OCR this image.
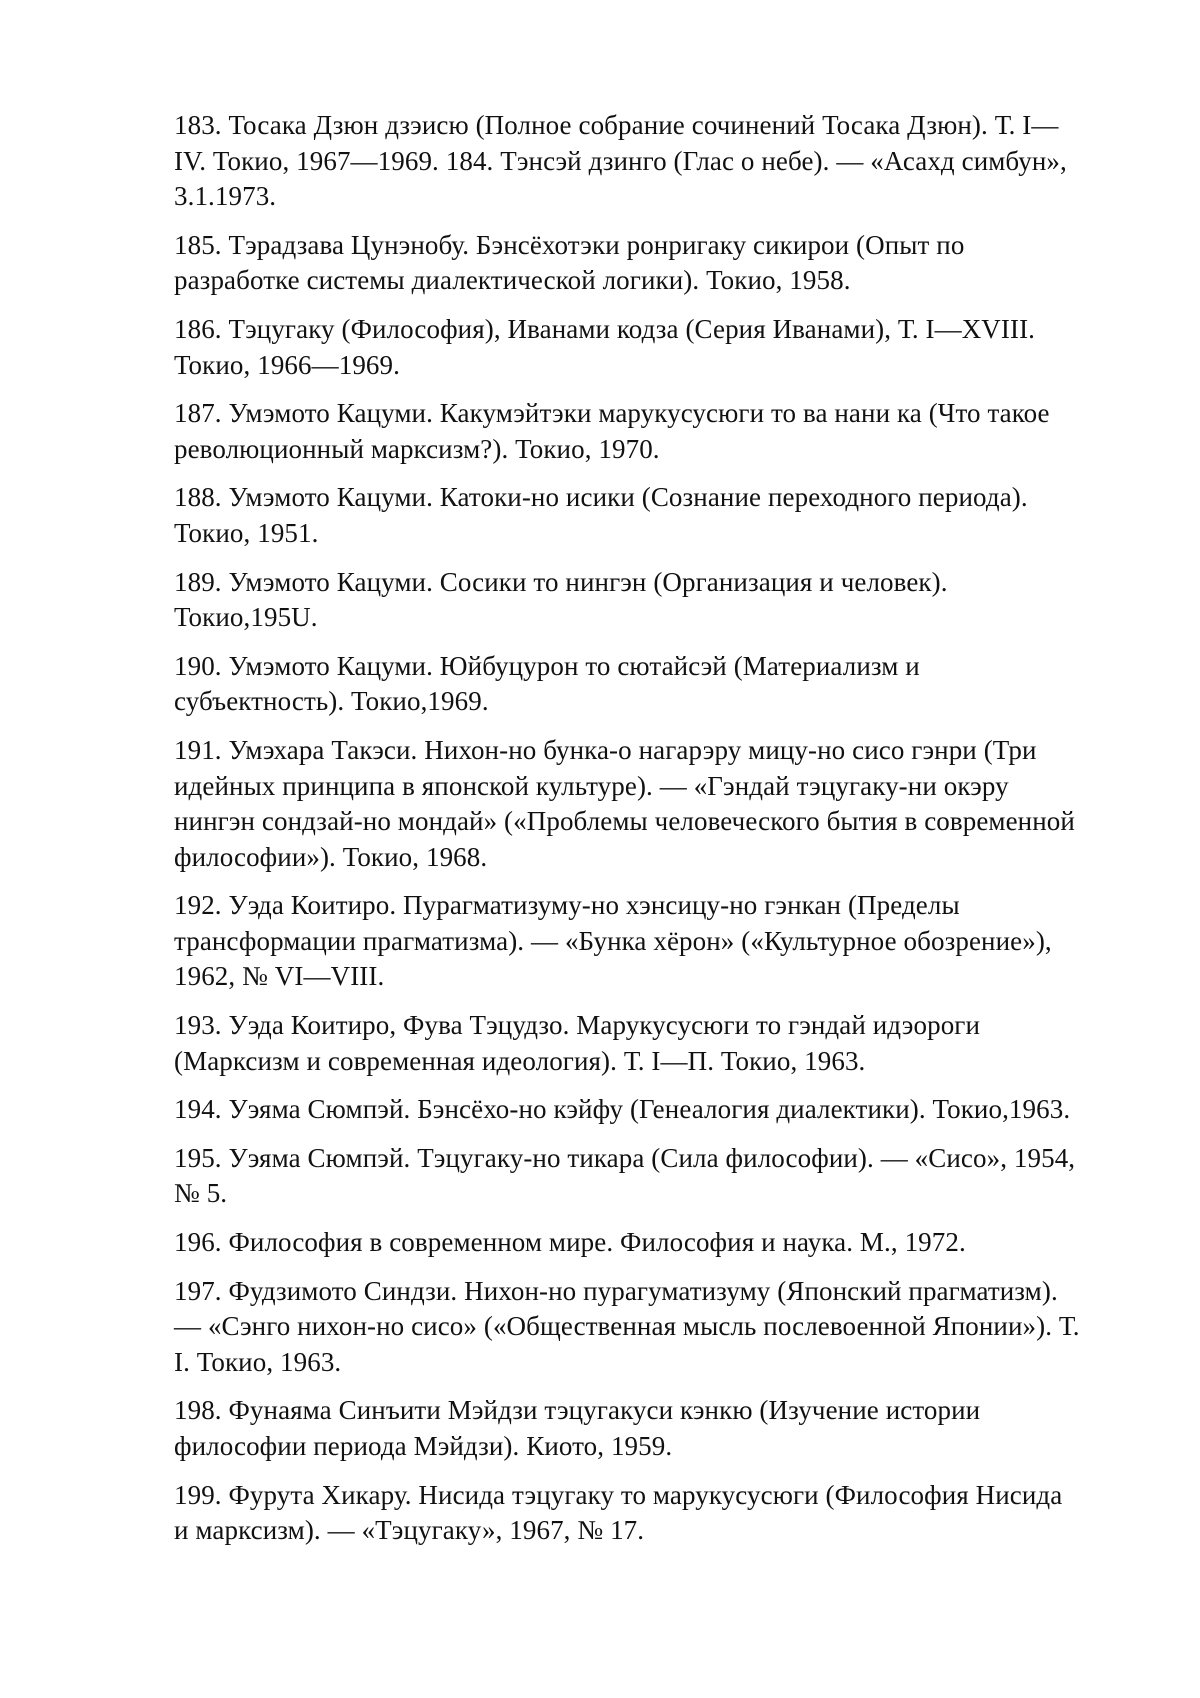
183. Тосака Дзюн дзэисю (Полное собрание сочинений Тосака Дзюн). Т. I—
IV. Токио, 1967—1969. 184. Тэнсэй дзинго (Глас о небе). — «Асахд симбун»,
3.1.1973.

185. Тэрадзава Цунэнобу. Бэнсёхотэки ронригаку сикирои (Опыт по
разработке системы диалектической логики). Токио, 1958.

186. Тэцугаку (Философия), Иванами кодза (Серия Иванами), Т. I—XVIII.
Токио, 1966—1969.

187. Умэмото Кацуми. Какумэйтэки марукусусюги то ва нани ка (Что такое
революционный марксизм?). Токио, 1970.

188. Умэмото Кацуми. Катоки-но исики (Сознание переходного периода).
Токио, 1951.

189. Умэмото Кацуми. Сосики то нингэн (Организация и человек).
Токио,195U.

190. Умэмото Кацуми. Юйбуцурон то сютайсэй (Материализм и
субъектность). Токио,1969.

191. Умэхара Такэси. Нихон-но бунка-о нагарэру мицу-но сисо гэнри (Три
идейных принципа в японской культуре). — «Гэндай тэцугаку-ни окэру
нингэн сондзай-но мондай» («Проблемы человеческого бытия в современной
философии»). Токио, 1968.

192. Уэда Коитиро. Пурагматизуму-но хэнсицу-но гэнкан (Пределы
трансформации прагматизма). — «Бунка хёрон» («Культурное обозрение»),
1962, № VI—VIII.

193. Уэда Коитиро, Фува Тэцудзо. Марукусусюги то гэндай идэороги
(Марксизм и современная идеология). Т. I—П. Токио, 1963.

194. Уэяма Сюмпэй. Бэнсёхо-но кэйфу (Генеалогия диалектики). Токио,1963.

195. Уэяма Сюмпэй. Тэцугаку-но тикара (Сила философии). — «Сисо», 1954,
№ 5.

196. Философия в современном мире. Философия и наука. М., 1972.

197. Фудзимото Синдзи. Нихон-но пурагуматизуму (Японский прагматизм).
— «Сэнго нихон-но сисо» («Общественная мысль послевоенной Японии»). Т.
I. Токио, 1963.

198. Фунаяма Синъити Мэйдзи тэцугакуси кэнкю (Изучение истории
философии периода Мэйдзи). Киото, 1959.

199. Фурута Хикару. Нисида тэцугаку то марукусусюги (Философия Нисида
и марксизм). — «Тэцугаку», 1967, № 17.
